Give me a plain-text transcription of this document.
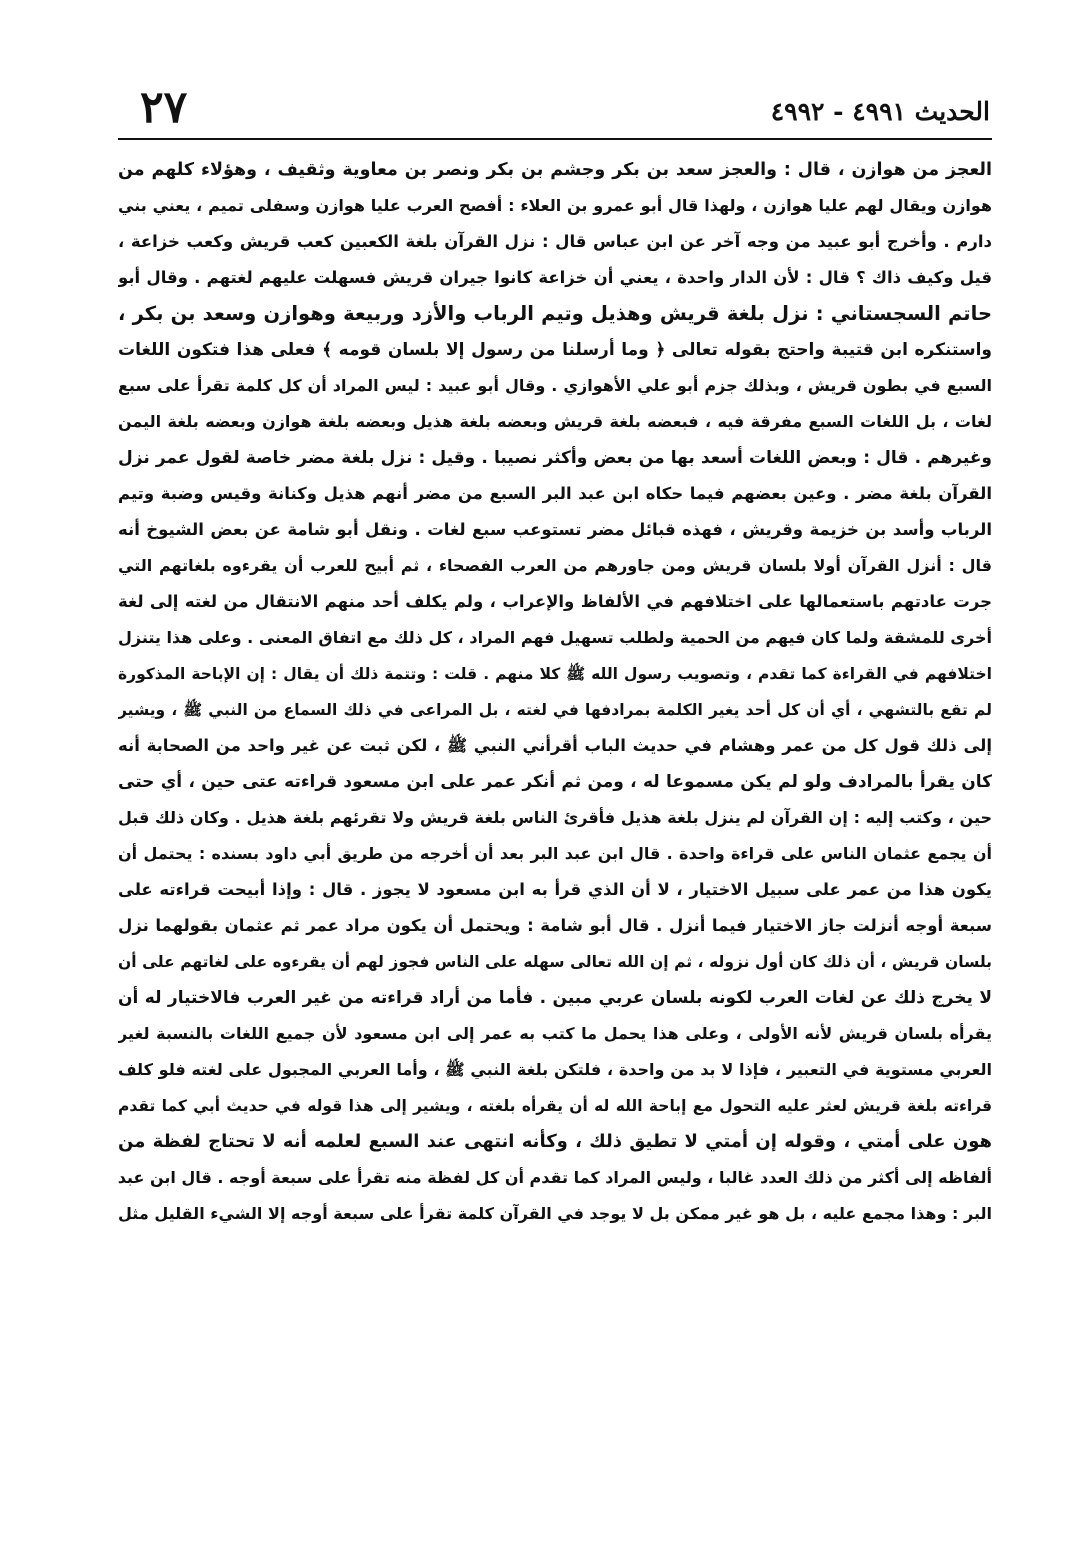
٢٧	الحديث ٤٩٩١ - ٤٩٩٢
العجز من هوازن ، قال : والعجز سعد بن بكر وجشم بن بكر ونصر بن معاوية وثقيف ، وهؤلاء كلهم من
هوازن ويقال لهم عليا هوازن ، ولهذا قال أبو عمرو بن العلاء : أفصح العرب عليا هوازن وسفلى تميم ، يعني بني
دارم . وأخرج أبو عبيد من وجه آخر عن ابن عباس قال : نزل القرآن بلغة الكعبين كعب قريش وكعب خزاعة ،
قيل وكيف ذاك ؟ قال : لأن الدار واحدة ، يعني أن خزاعة كانوا جيران قريش فسهلت عليهم لغتهم . وقال أبو
حاتم السجستاني : نزل بلغة قريش وهذيل وتيم الرباب والأزد وربيعة وهوازن وسعد بن بكر ،
واستنكره ابن قتيبة واحتج بقوله تعالى ﴿ وما أرسلنا من رسول إلا بلسان قومه ﴾ فعلى هذا فتكون اللغات
السبع في بطون قريش ، وبذلك جزم أبو علي الأهوازي . وقال أبو عبيد : ليس المراد أن كل كلمة تقرأ على سبع
لغات ، بل اللغات السبع مفرقة فيه ، فبعضه بلغة قريش وبعضه بلغة هذيل وبعضه بلغة هوازن وبعضه بلغة اليمن
وغيرهم . قال : وبعض اللغات أسعد بها من بعض وأكثر نصيبا . وقيل : نزل بلغة مضر خاصة لقول عمر نزل
القرآن بلغة مضر . وعين بعضهم فيما حكاه ابن عبد البر السبع من مضر أنهم هذيل وكنانة وقيس وضبة وتيم
الرباب وأسد بن خزيمة وقريش ، فهذه قبائل مضر تستوعب سبع لغات . ونقل أبو شامة عن بعض الشيوخ أنه
قال : أنزل القرآن أولا بلسان قريش ومن جاورهم من العرب الفصحاء ، ثم أبيح للعرب أن يقرءوه بلغاتهم التي
جرت عادتهم باستعمالها على اختلافهم في الألفاظ والإعراب ، ولم يكلف أحد منهم الانتقال من لغته إلى لغة
أخرى للمشقة ولما كان فيهم من الحمية ولطلب تسهيل فهم المراد ، كل ذلك مع اتفاق المعنى . وعلى هذا يتنزل
اختلافهم في القراءة كما تقدم ، وتصويب رسول الله ﷺ كلا منهم . قلت : وتتمة ذلك أن يقال : إن الإباحة المذكورة
لم تقع بالتشهي ، أي أن كل أحد يغير الكلمة بمرادفها في لغته ، بل المراعى في ذلك السماع من النبي ﷺ ، ويشير
إلى ذلك قول كل من عمر وهشام في حديث الباب أقرأني النبي ﷺ ، لكن ثبت عن غير واحد من الصحابة أنه
كان يقرأ بالمرادف ولو لم يكن مسموعا له ، ومن ثم أنكر عمر على ابن مسعود قراءته عتى حين ، أي حتى
حين ، وكتب إليه : إن القرآن لم ينزل بلغة هذيل فأقرئ الناس بلغة قريش ولا تقرئهم بلغة هذيل . وكان ذلك قبل
أن يجمع عثمان الناس على قراءة واحدة . قال ابن عبد البر بعد أن أخرجه من طريق أبي داود بسنده : يحتمل أن
يكون هذا من عمر على سبيل الاختيار ، لا أن الذي قرأ به ابن مسعود لا يجوز . قال : وإذا أبيحت قراءته على
سبعة أوجه أنزلت جاز الاختيار فيما أنزل . قال أبو شامة : ويحتمل أن يكون مراد عمر ثم عثمان بقولهما نزل
بلسان قريش ، أن ذلك كان أول نزوله ، ثم إن الله تعالى سهله على الناس فجوز لهم أن يقرءوه على لغاتهم على أن
لا يخرج ذلك عن لغات العرب لكونه بلسان عربي مبين . فأما من أراد قراءته من غير العرب فالاختيار له أن
يقرأه بلسان قريش لأنه الأولى ، وعلى هذا يحمل ما كتب به عمر إلى ابن مسعود لأن جميع اللغات بالنسبة لغير
العربي مستوية في التعبير ، فإذا لا بد من واحدة ، فلتكن بلغة النبي ﷺ ، وأما العربي المجبول على لغته فلو كلف
قراءته بلغة قريش لعثر عليه التحول مع إباحة الله له أن يقرأه بلغته ، ويشير إلى هذا قوله في حديث أبي كما تقدم
هون على أمتي ، وقوله إن أمتي لا تطيق ذلك ، وكأنه انتهى عند السبع لعلمه أنه لا تحتاج لفظة من
ألفاظه إلى أكثر من ذلك العدد غالبا ، وليس المراد كما تقدم أن كل لفظة منه تقرأ على سبعة أوجه . قال ابن عبد
البر : وهذا مجمع عليه ، بل هو غير ممكن بل لا يوجد في القرآن كلمة تقرأ على سبعة أوجه إلا الشيء القليل مثل
